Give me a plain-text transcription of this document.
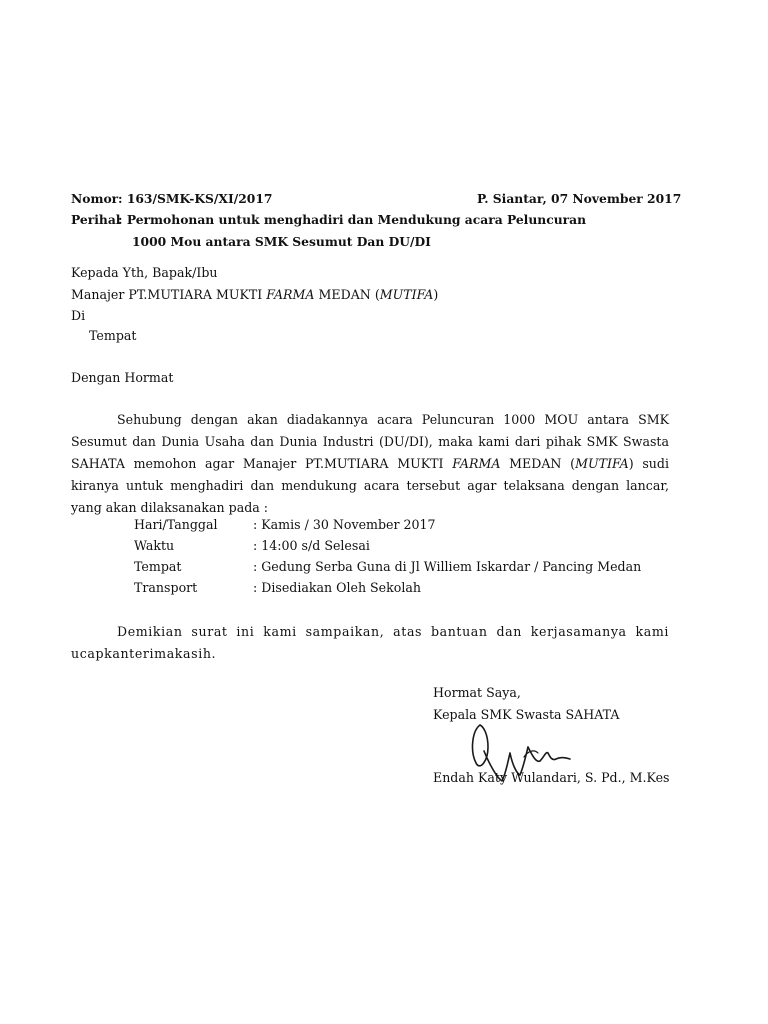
Nomor : 163/SMK-KS/XI/2017	P. Siantar, 07 November 2017
Perihal
: Permohonan untuk menghadiri dan Mendukung acara Peluncuran
1000 Mou antara SMK Sesumut Dan DU/DI
Kepada Yth, Bapak/Ibu
Manajer PT.MUTIARA MUKTI FARMA MEDAN (MUTIFA)
Di
Tempat
Dengan Hormat
Sehubung dengan akan diadakannya acara Peluncuran 1000 MOU antara SMK Sesumut dan Dunia Usaha dan Dunia Industri (DU/DI), maka kami dari pihak SMK Swasta SAHATA memohon agar Manajer PT.MUTIARA MUKTI FARMA MEDAN (MUTIFA) sudi kiranya untuk menghadiri dan mendukung acara tersebut agar telaksana dengan lancar, yang akan dilaksanakan pada :
Hari/Tanggal	: Kamis / 30 November 2017
Waktu	: 14:00 s/d Selesai
Tempat	: Gedung Serba Guna di Jl Williem Iskardar / Pancing Medan
Transport	: Disediakan Oleh Sekolah
Demikian surat ini kami sampaikan, atas bantuan dan kerjasamanya kami ucapkanterimakasih.
Hormat Saya,
Kepala SMK Swasta SAHATA
Endah Katy Wulandari, S. Pd., M.Kes
